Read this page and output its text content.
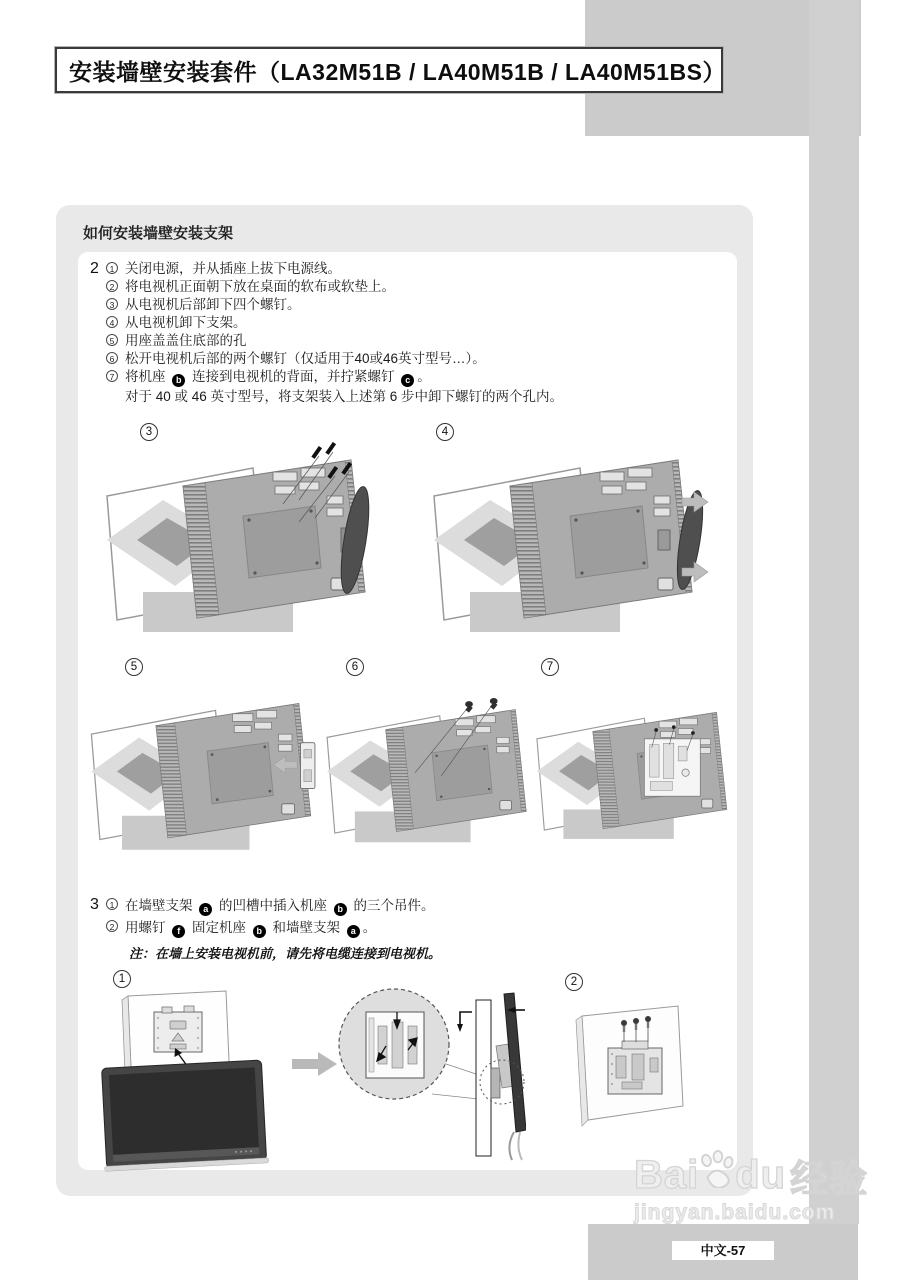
安装墙壁安装套件（LA32M51B / LA40M51B / LA40M51BS）
如何安装墙壁安装支架
2	1 关闭电源，并从插座上拔下电源线。
2 将电视机正面朝下放在桌面的软布或软垫上。
3 从电视机后部卸下四个螺钉。
4 从电视机卸下支架。
5 用座盖盖住底部的孔
6 松开电视机后部的两个螺钉（仅适用于40或46英寸型号…）。
7 将机座 b 连接到电视机的背面，并拧紧螺钉 c 。
对于 40 或 46 英寸型号，将支架装入上述第 6 步中卸下螺钉的两个孔内。
3	4
5	6	7
3	1 在墙壁支架 a 的凹槽中插入机座 b 的三个吊件。
2 用螺钉 f 固定机座 b 和墙壁支架 a 。
注：在墙上安装电视机前，请先将电缆连接到电视机。
1	2
Bai du 经验
jingyan.baidu.com
中文-57
